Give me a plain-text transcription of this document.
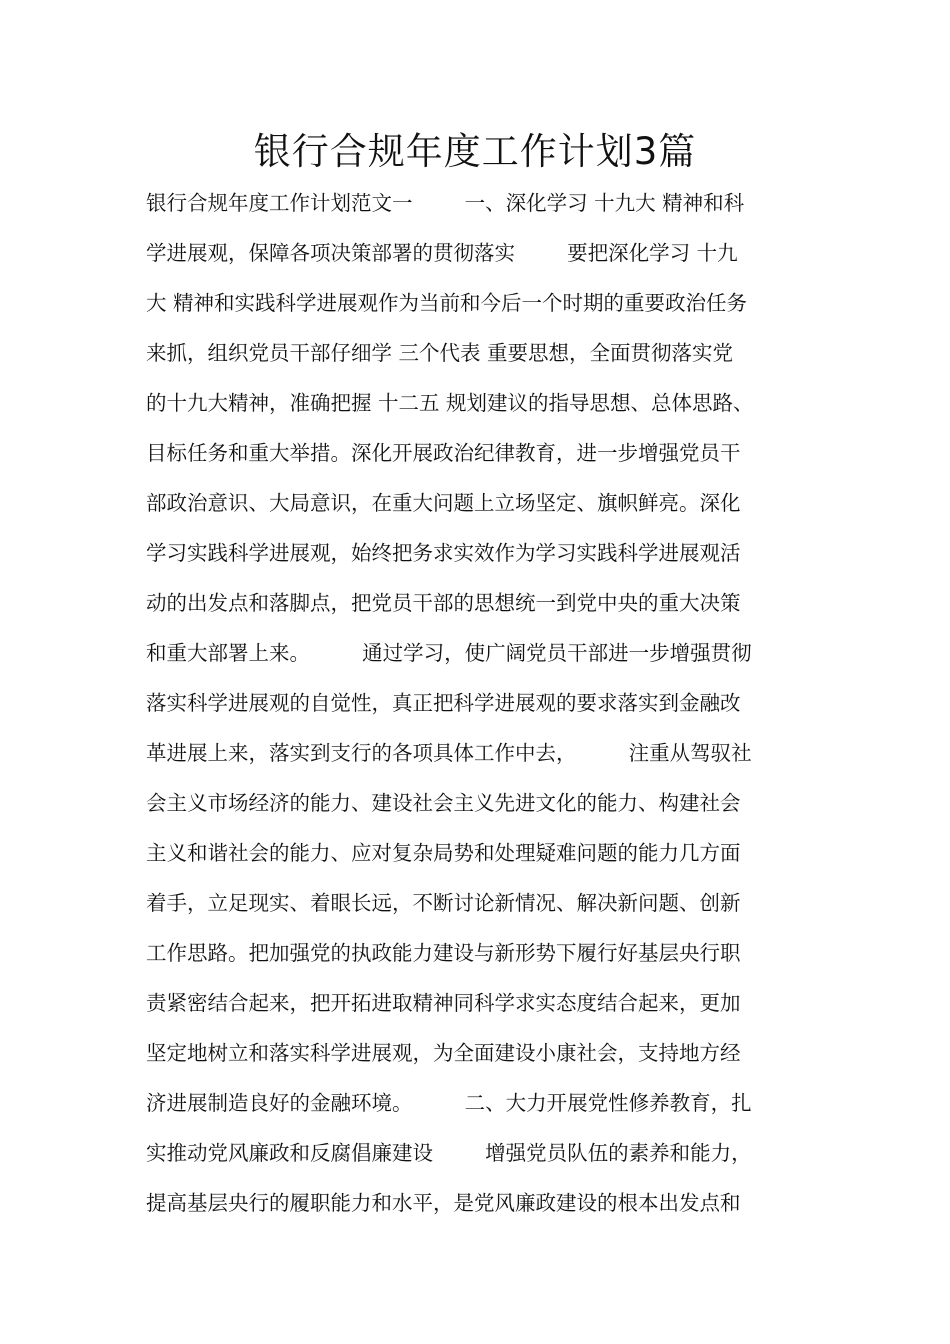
银行合规年度工作计划3篇
银行合规年度工作计划范文一        一、深化学习 十九大 精神和科
学进展观，保障各项决策部署的贯彻落实        要把深化学习 十九
大 精神和实践科学进展观作为当前和今后一个时期的重要政治任务
来抓，组织党员干部仔细学 三个代表 重要思想，全面贯彻落实党
的十九大精神，准确把握 十二五 规划建议的指导思想、总体思路、
目标任务和重大举措。深化开展政治纪律教育，进一步增强党员干
部政治意识、大局意识，在重大问题上立场坚定、旗帜鲜亮。深化
学习实践科学进展观，始终把务求实效作为学习实践科学进展观活
动的出发点和落脚点，把党员干部的思想统一到党中央的重大决策
和重大部署上来。        通过学习，使广阔党员干部进一步增强贯彻
落实科学进展观的自觉性，真正把科学进展观的要求落实到金融改
革进展上来，落实到支行的各项具体工作中去，        注重从驾驭社
会主义市场经济的能力、建设社会主义先进文化的能力、构建社会
主义和谐社会的能力、应对复杂局势和处理疑难问题的能力几方面
着手，立足现实、着眼长远，不断讨论新情况、解决新问题、创新
工作思路。把加强党的执政能力建设与新形势下履行好基层央行职
责紧密结合起来，把开拓进取精神同科学求实态度结合起来，更加
坚定地树立和落实科学进展观，为全面建设小康社会，支持地方经
济进展制造良好的金融环境。        二、大力开展党性修养教育，扎
实推动党风廉政和反腐倡廉建设        增强党员队伍的素养和能力，
提高基层央行的履职能力和水平，是党风廉政建设的根本出发点和
